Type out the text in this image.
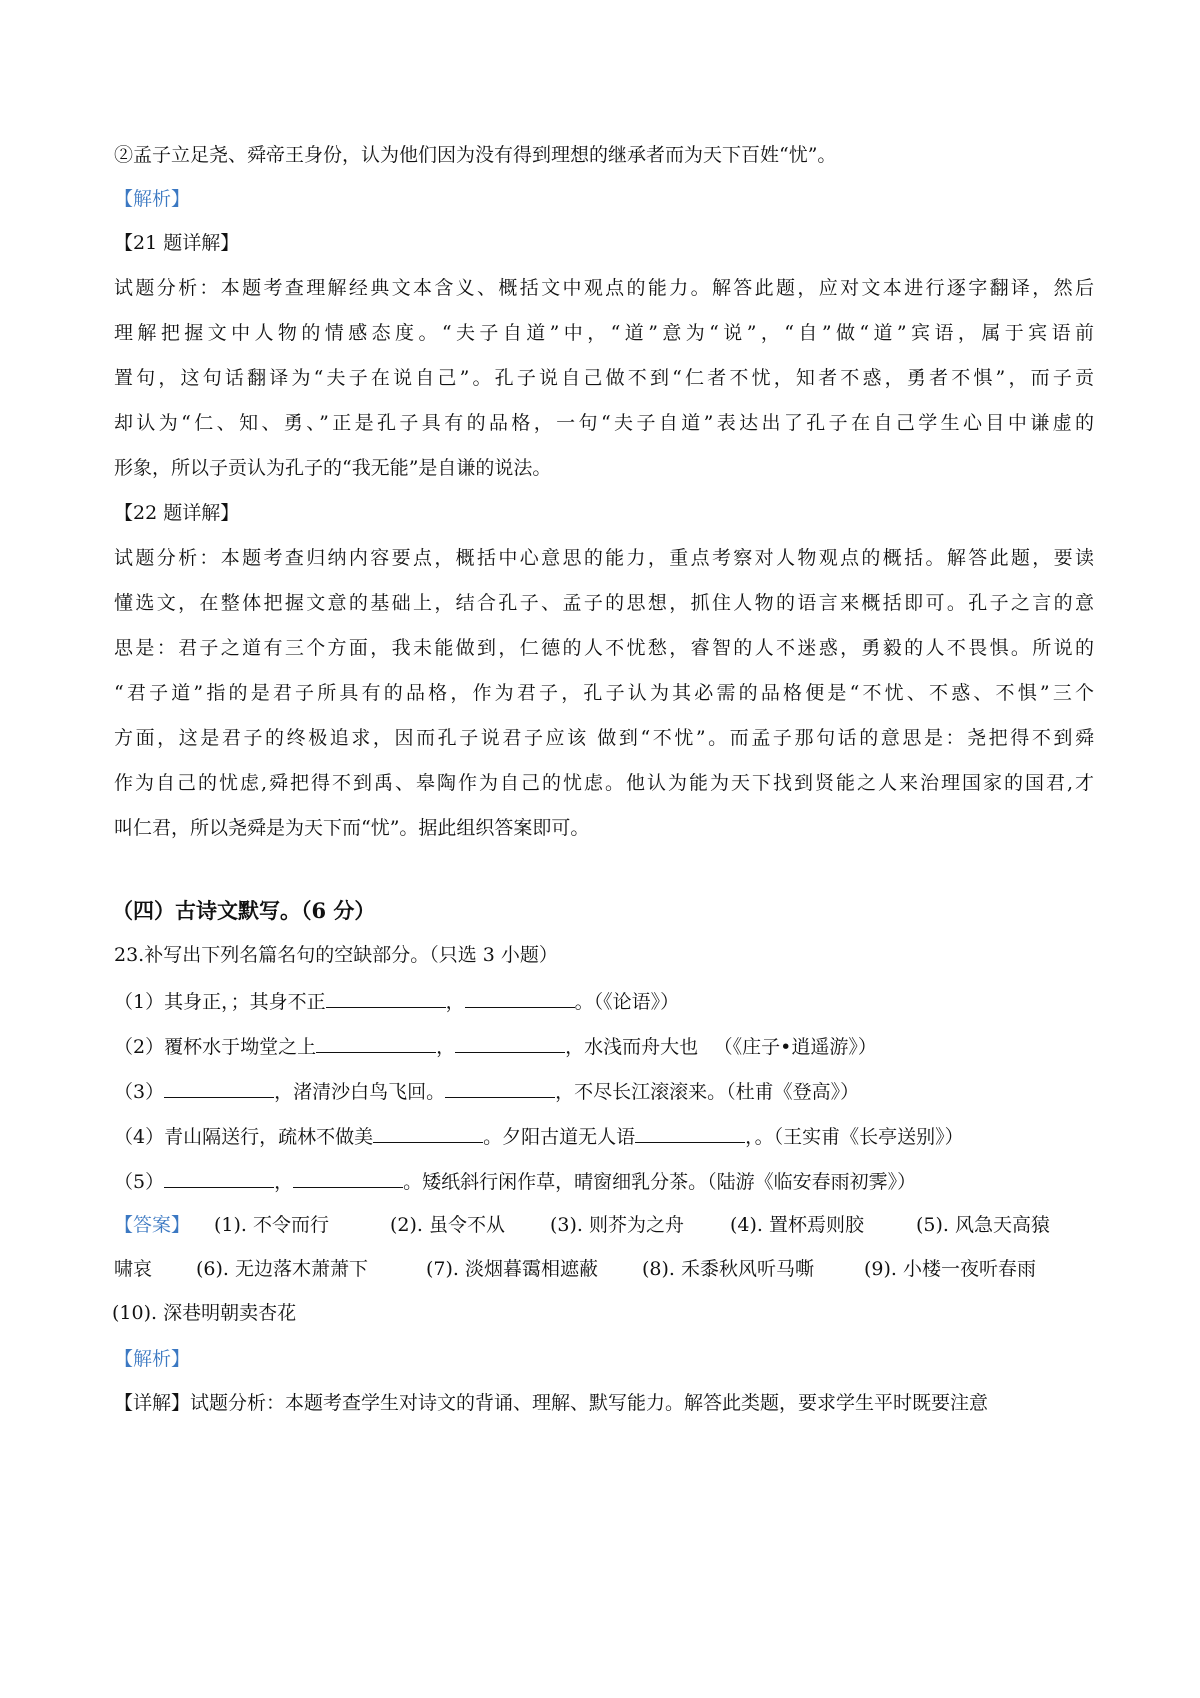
②孟子立足尧、舜帝王身份，认为他们因为没有得到理想的继承者而为天下百姓“忧”。
【解析】
【21 题详解】
试题分析：本题考查理解经典文本含义、概括文中观点的能力。解答此题，应对文本进行逐字翻译，然后
理解把握文中人物的情感态度。“夫子自道”中，“道”意为“说”，“自”做“道”宾语，属于宾语前
置句，这句话翻译为“夫子在说自己”。孔子说自己做不到“仁者不忧，知者不惑，勇者不惧”，而子贡
却认为“仁、知、勇、”正是孔子具有的品格，一句“夫子自道”表达出了孔子在自己学生心目中谦虚的
形象，所以子贡认为孔子的“我无能”是自谦的说法。
【22 题详解】
试题分析：本题考查归纳内容要点，概括中心意思的能力，重点考察对人物观点的概括。解答此题，要读
懂选文，在整体把握文意的基础上，结合孔子、孟子的思想，抓住人物的语言来概括即可。孔子之言的意
思是：君子之道有三个方面，我未能做到，仁德的人不忧愁，睿智的人不迷惑，勇毅的人不畏惧。所说的
“君子道”指的是君子所具有的品格，作为君子，孔子认为其必需的品格便是“不忧、不惑、不惧”三个
方面，这是君子的终极追求，因而孔子说君子应该 做到“不忧”。而孟子那句话的意思是：尧把得不到舜
作为自己的忧虑,舜把得不到禹、皋陶作为自己的忧虑。他认为能为天下找到贤能之人来治理国家的国君,才
叫仁君，所以尧舜是为天下而“忧”。据此组织答案即可。
（四）古诗文默写。（6 分）
23.补写出下列名篇名句的空缺部分。（只选 3 小题）
（1）其身正，；其身不正	，	。（《论语》）
（2）覆杯水于坳堂之上	，	，水浅而舟大也 　（《庄子•逍遥游》）
（3）	，渚清沙白鸟飞回。	，不尽长江滚滚来。（杜甫《登高》）
（4）青山隔送行，疏林不做美	。夕阳古道无人语	，。（王实甫《长亭送别》）
（5）	，	。矮纸斜行闲作草，晴窗细乳分茶。（陆游《临安春雨初霁》）
【答案】 (1). 不令而行	(2). 虽令不从 (3). 则芥为之舟 (4). 置杯焉则胶	(5). 风急天高猿
啸哀 (6). 无边落木萧萧下	(7). 淡烟暮霭相遮蔽 (8). 禾黍秋风听马嘶	(9). 小楼一夜听春雨
(10). 深巷明朝卖杏花
【解析】
【详解】试题分析：本题考查学生对诗文的背诵、理解、默写能力。解答此类题，要求学生平时既要注意
